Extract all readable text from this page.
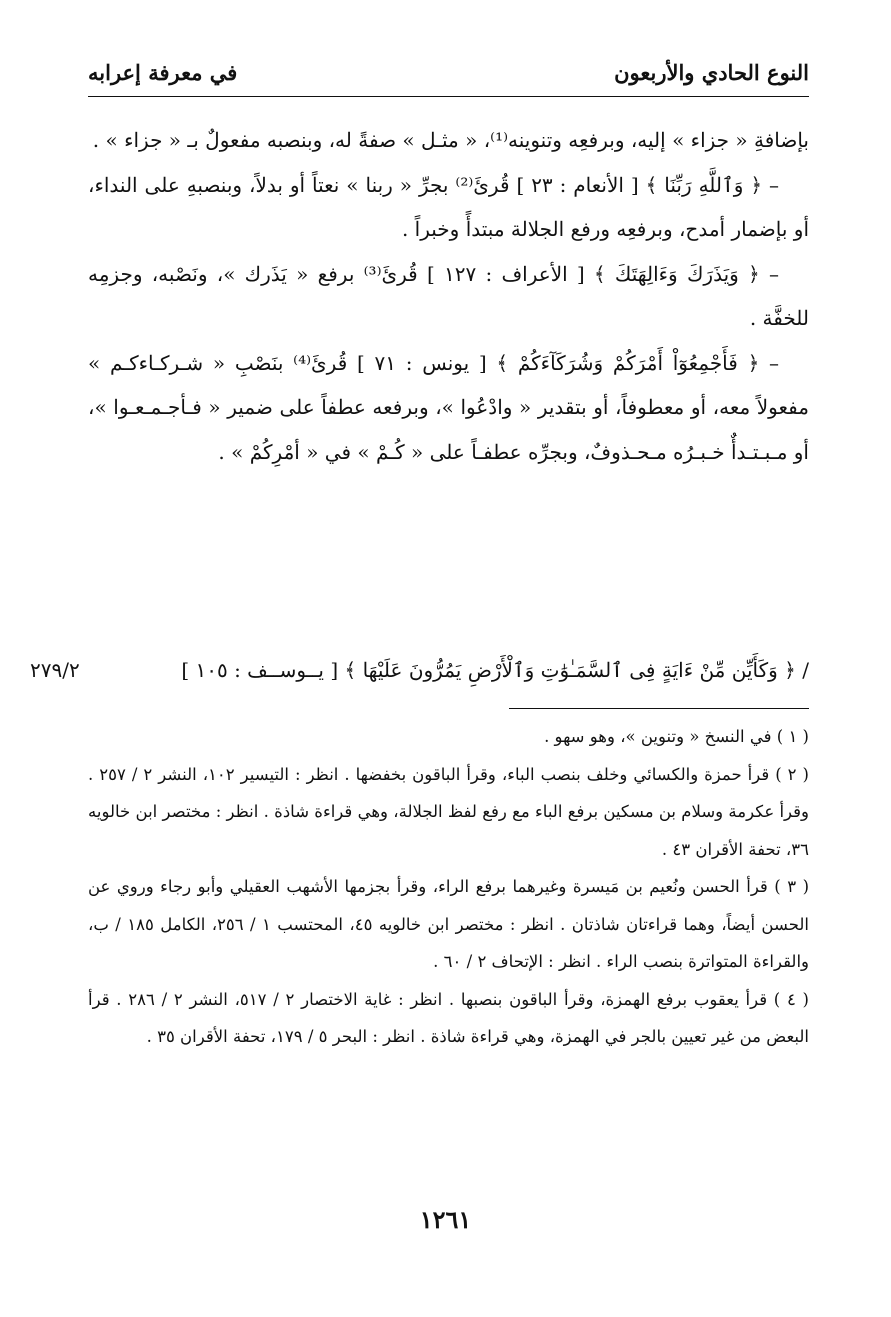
النوع الحادي والأربعون
في معرفة إعرابه

بإضافةِ « جزاء » إليه، وبرفعِه وتنوينه⁽¹⁾، « مثـل » صفةً له، وبنصبه مفعولٌ بـ « جزاء » .

– ﴿ وَٱللَّهِ رَبِّنَا ﴾ [ الأنعام : ٢٣ ] قُرئَ⁽²⁾ بجرِّ « ربنا » نعتاً أو بدلاً، وبنصبهِ على النداء، أو بإضمار أمدح، وبرفعِه ورفع الجلالة مبتدأً وخبراً .

– ﴿ وَيَذَرَكَ وَءَالِهَتَكَ ﴾ [ الأعراف : ١٢٧ ] قُرئَ⁽³⁾ برفع « يَذَرك »، ونَصْبه، وجزمِه للخفَّة .

– ﴿ فَأَجْمِعُوٓاْ أَمْرَكُمْ وَشُرَكَآءَكُمْ ﴾ [ يونس : ٧١ ] قُرئَ⁽⁴⁾ بنَصْبِ « شـركـاءكـم » مفعولاً معه، أو معطوفاً، أو بتقدير « وادْعُوا »، وبرفعه عطفاً على ضمير « فـأجـمـعـوا »، أو مـبـتـدأٌ خـبـرُه مـحـذوفٌ، وبجرِّه عطفـاً على « كُـمْ » في « أمْرِكُمْ » .

/ ﴿ وَكَأَيِّن مِّنْ ءَايَةٍ فِى ٱلسَّمَـٰوَٰتِ وَٱلْأَرْضِ يَمُرُّونَ عَلَيْهَا ﴾ [ يــوســف : ١٠٥ ]
٢٧٩/٢

( ١ ) في النسخ « وتنوين »، وهو سهو .

( ٢ ) قرأ حمزة والكسائي وخلف بنصب الباء، وقرأ الباقون بخفضها . انظر : التيسير ١٠٢، النشر ٢ / ٢٥٧ . وقرأ عكرمة وسلام بن مسكين برفع الباء مع رفع لفظ الجلالة، وهي قراءة شاذة . انظر : مختصر ابن خالويه ٣٦، تحفة الأقران ٤٣ .

( ٣ ) قرأ الحسن ونُعيم بن مَيسرة وغيرهما برفع الراء، وقرأ بجزمها الأشهب العقيلي وأبو رجاء وروي عن الحسن أيضاً، وهما قراءتان شاذتان . انظر : مختصر ابن خالويه ٤٥، المحتسب ١ / ٢٥٦، الكامل ١٨٥ / ب، والقراءة المتواترة بنصب الراء . انظر : الإتحاف ٢ / ٦٠ .

( ٤ ) قرأ يعقوب برفع الهمزة، وقرأ الباقون بنصبها . انظر : غاية الاختصار ٢ / ٥١٧، النشر ٢ / ٢٨٦ . قرأ البعض من غير تعيين بالجر في الهمزة، وهي قراءة شاذة . انظر : البحر ٥ / ١٧٩، تحفة الأقران ٣٥ .

١٢٦١
